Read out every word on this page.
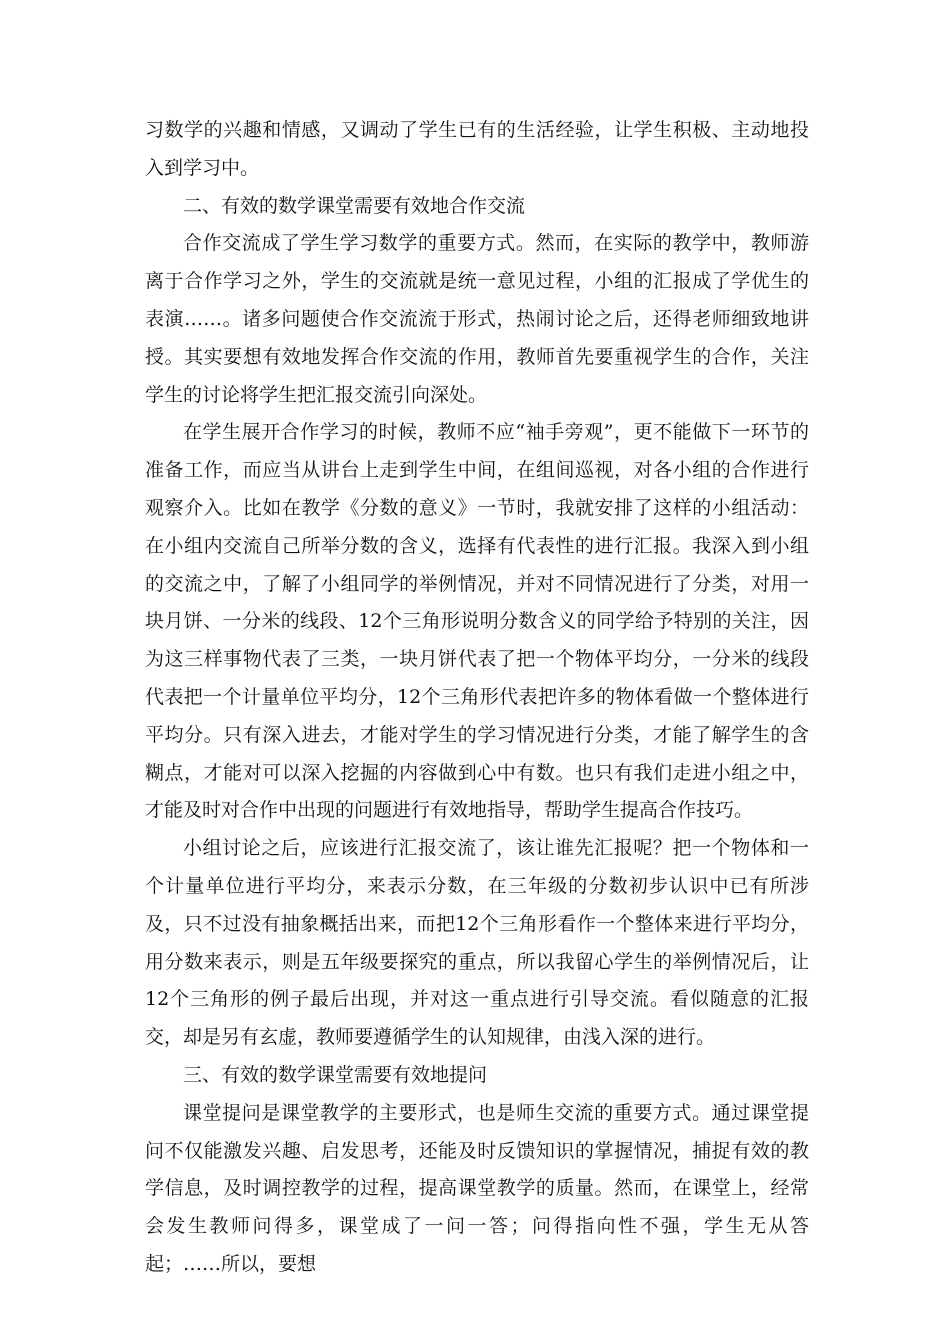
习数学的兴趣和情感，又调动了学生已有的生活经验，让学生积极、主动地投入到学习中。

二、有效的数学课堂需要有效地合作交流

合作交流成了学生学习数学的重要方式。然而，在实际的教学中，教师游离于合作学习之外，学生的交流就是统一意见过程，小组的汇报成了学优生的表演……。诸多问题使合作交流流于形式，热闹讨论之后，还得老师细致地讲授。其实要想有效地发挥合作交流的作用，教师首先要重视学生的合作，关注学生的讨论将学生把汇报交流引向深处。

在学生展开合作学习的时候，教师不应“袖手旁观”，更不能做下一环节的准备工作，而应当从讲台上走到学生中间，在组间巡视，对各小组的合作进行观察介入。比如在教学《分数的意义》一节时，我就安排了这样的小组活动：在小组内交流自己所举分数的含义，选择有代表性的进行汇报。我深入到小组的交流之中，了解了小组同学的举例情况，并对不同情况进行了分类，对用一块月饼、一分米的线段、12个三角形说明分数含义的同学给予特别的关注，因为这三样事物代表了三类，一块月饼代表了把一个物体平均分，一分米的线段代表把一个计量单位平均分，12个三角形代表把许多的物体看做一个整体进行平均分。只有深入进去，才能对学生的学习情况进行分类，才能了解学生的含糊点，才能对可以深入挖掘的内容做到心中有数。也只有我们走进小组之中，才能及时对合作中出现的问题进行有效地指导，帮助学生提高合作技巧。

小组讨论之后，应该进行汇报交流了，该让谁先汇报呢？把一个物体和一个计量单位进行平均分，来表示分数，在三年级的分数初步认识中已有所涉及，只不过没有抽象概括出来，而把12个三角形看作一个整体来进行平均分，用分数来表示，则是五年级要探究的重点，所以我留心学生的举例情况后，让12个三角形的例子最后出现，并对这一重点进行引导交流。看似随意的汇报交，却是另有玄虚，教师要遵循学生的认知规律，由浅入深的进行。

三、有效的数学课堂需要有效地提问

课堂提问是课堂教学的主要形式，也是师生交流的重要方式。通过课堂提问不仅能激发兴趣、启发思考，还能及时反馈知识的掌握情况，捕捉有效的教学信息，及时调控教学的过程，提高课堂教学的质量。然而，在课堂上，经常会发生教师问得多，课堂成了一问一答；问得指向性不强，学生无从答起；……所以，要想
